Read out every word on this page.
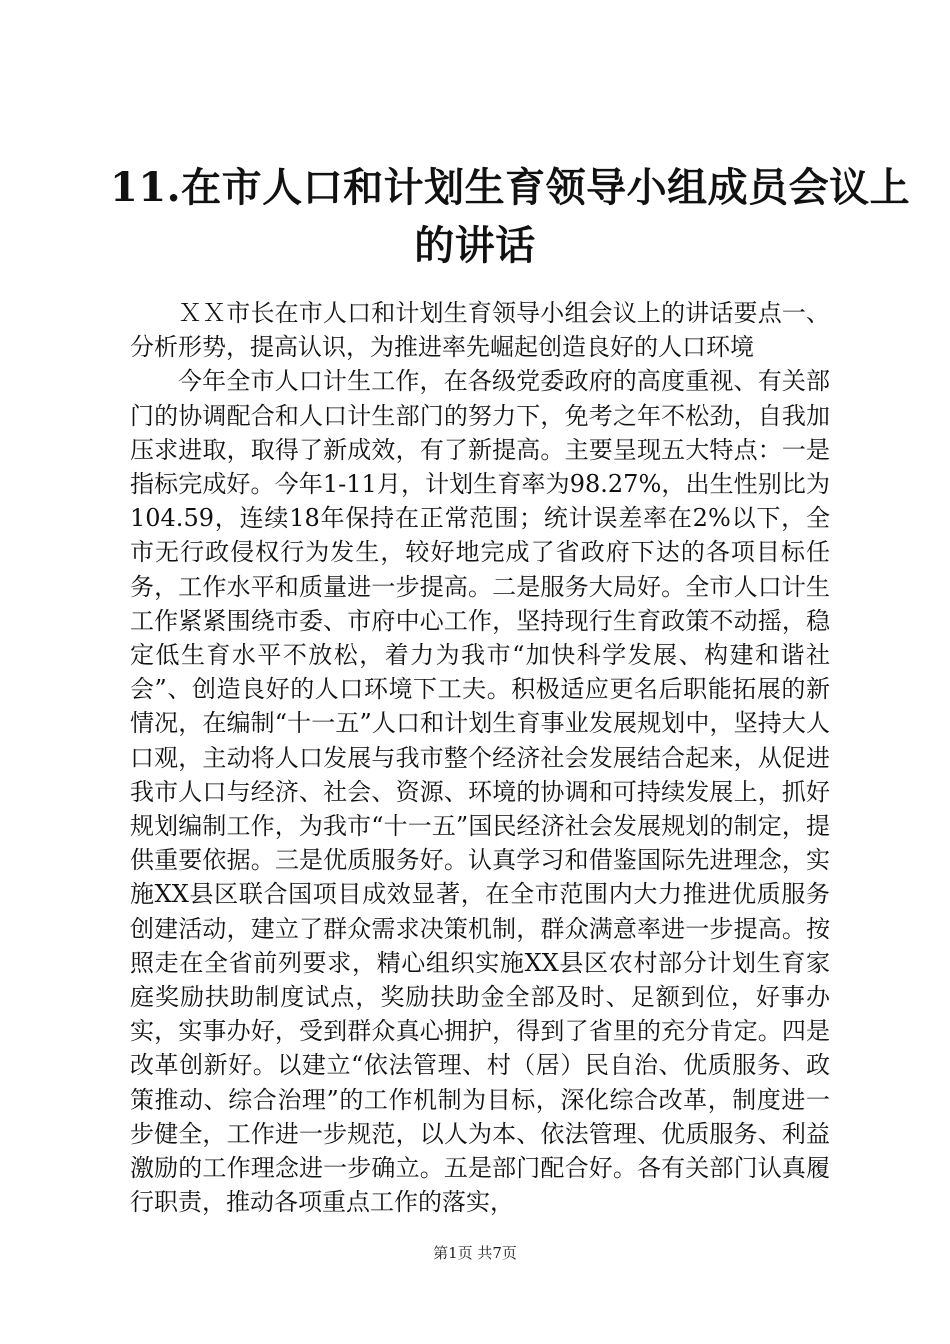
11.在市人口和计划生育领导小组成员会议上
的讲话

ＸＸ市长在市人口和计划生育领导小组会议上的讲话要点一、分析形势，提高认识，为推进率先崛起创造良好的人口环境

今年全市人口计生工作，在各级党委政府的高度重视、有关部门的协调配合和人口计生部门的努力下，免考之年不松劲，自我加压求进取，取得了新成效，有了新提高。主要呈现五大特点：一是指标完成好。今年1-11月，计划生育率为98.27%，出生性别比为104.59，连续18年保持在正常范围；统计误差率在2%以下，全市无行政侵权行为发生，较好地完成了省政府下达的各项目标任务，工作水平和质量进一步提高。二是服务大局好。全市人口计生工作紧紧围绕市委、市府中心工作，坚持现行生育政策不动摇，稳定低生育水平不放松，着力为我市“加快科学发展、构建和谐社会”、创造良好的人口环境下工夫。积极适应更名后职能拓展的新情况，在编制“十一五”人口和计划生育事业发展规划中，坚持大人口观，主动将人口发展与我市整个经济社会发展结合起来，从促进我市人口与经济、社会、资源、环境的协调和可持续发展上，抓好规划编制工作，为我市“十一五”国民经济社会发展规划的制定，提供重要依据。三是优质服务好。认真学习和借鉴国际先进理念，实施XX县区联合国项目成效显著，在全市范围内大力推进优质服务创建活动，建立了群众需求决策机制，群众满意率进一步提高。按照走在全省前列要求，精心组织实施XX县区农村部分计划生育家庭奖励扶助制度试点，奖励扶助金全部及时、足额到位，好事办实，实事办好，受到群众真心拥护，得到了省里的充分肯定。四是改革创新好。以建立“依法管理、村（居）民自治、优质服务、政策推动、综合治理”的工作机制为目标，深化综合改革，制度进一步健全，工作进一步规范，以人为本、依法管理、优质服务、利益激励的工作理念进一步确立。五是部门配合好。各有关部门认真履行职责，推动各项重点工作的落实，

第1页 共7页
